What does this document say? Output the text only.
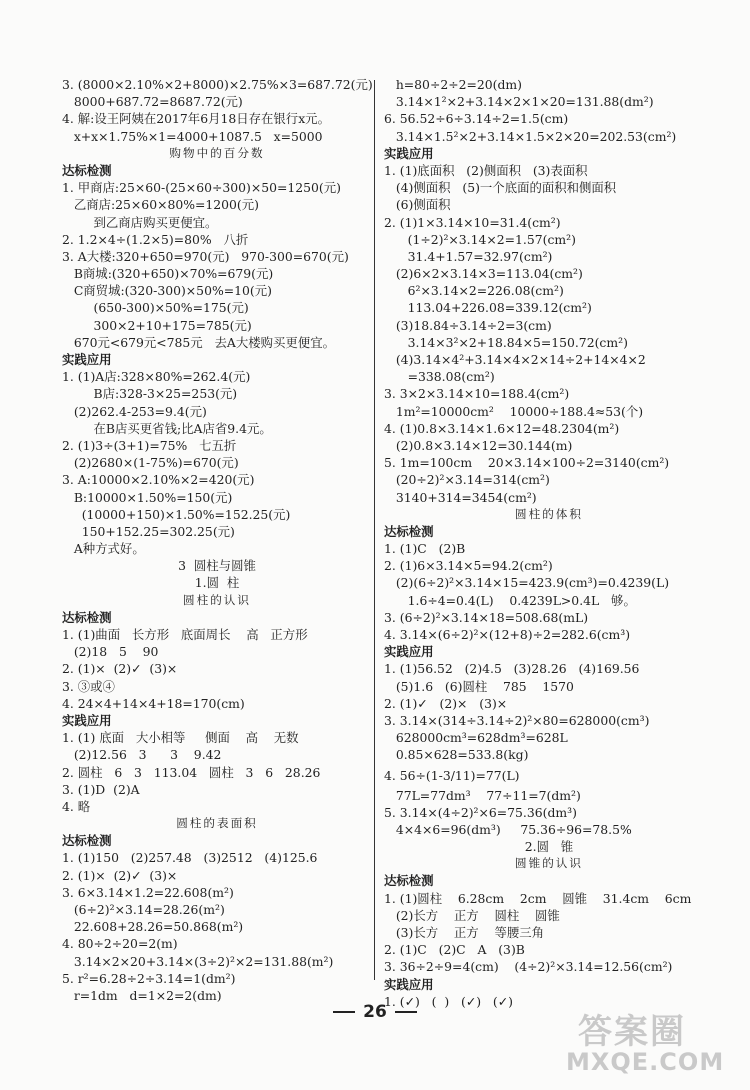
3. (8000×2.10%×2+8000)×2.75%×3=687.72(元)
8000+687.72=8687.72(元)
4. 解:设王阿姨在2017年6月18日存在银行x元。
x+x×1.75%×1=4000+1087.5   x=5000
购物中的百分数
达标检测
1. 甲商店:25×60-(25×60÷300)×50=1250(元)
乙商店:25×60×80%=1200(元)
到乙商店购买更便宜。
2. 1.2×4÷(1.2×5)=80%   八折
3. A大楼:320+650=970(元)   970-300=670(元)
B商城:(320+650)×70%=679(元)
C商贸城:(320-300)×50%=10(元)
(650-300)×50%=175(元)
300×2+10+175=785(元)
670元<679元<785元   去A大楼购买更便宜。
实践应用
1. (1)A店:328×80%=262.4(元)
B店:328-3×25=253(元)
(2)262.4-253=9.4(元)
在B店买更省钱;比A店省9.4元。
2. (1)3÷(3+1)=75%   七五折
(2)2680×(1-75%)=670(元)
3. A:10000×2.10%×2=420(元)
B:10000×1.50%=150(元)
(10000+150)×1.50%=152.25(元)
150+152.25=302.25(元)
A种方式好。
3  圆柱与圆锥
1.圆  柱
圆柱的认识
达标检测
1. (1)曲面   长方形   底面周长    高   正方形
(2)18   5    90
2. (1)×  (2)✓  (3)×
3. ③或④
4. 24×4+14×4+18=170(cm)
实践应用
1. (1) 底面   大小相等     侧面    高    无数
(2)12.56   3      3    9.42
2. 圆柱   6   3   113.04   圆柱   3   6   28.26
3. (1)D  (2)A
4. 略
圆柱的表面积
达标检测
1. (1)150   (2)257.48   (3)2512   (4)125.6
2. (1)×  (2)✓  (3)×
3. 6×3.14×1.2=22.608(m²)
(6÷2)²×3.14=28.26(m²)
22.608+28.26=50.868(m²)
4. 80÷2÷20=2(m)
3.14×2×20+3.14×(3÷2)²×2=131.88(m²)
5. r²=6.28÷2÷3.14=1(dm²)
r=1dm   d=1×2=2(dm)
h=80÷2÷2=20(dm)
3.14×1²×2+3.14×2×1×20=131.88(dm²)
6. 56.52÷6÷3.14÷2=1.5(cm)
3.14×1.5²×2+3.14×1.5×2×20=202.53(cm²)
实践应用
1. (1)底面积   (2)侧面积   (3)表面积
(4)侧面积   (5)一个底面的面积和侧面积
(6)侧面积
2. (1)1×3.14×10=31.4(cm²)
(1÷2)²×3.14×2=1.57(cm²)
31.4+1.57=32.97(cm²)
(2)6×2×3.14×3=113.04(cm²)
6²×3.14×2=226.08(cm²)
113.04+226.08=339.12(cm²)
(3)18.84÷3.14÷2=3(cm)
3.14×3²×2+18.84×5=150.72(cm²)
(4)3.14×4²+3.14×4×2×14÷2+14×4×2
=338.08(cm²)
3. 3×2×3.14×10=188.4(cm²)
1m²=10000cm²    10000÷188.4≈53(个)
4. (1)0.8×3.14×1.6×12=48.2304(m²)
(2)0.8×3.14×12=30.144(m)
5. 1m=100cm    20×3.14×100÷2=3140(cm²)
(20÷2)²×3.14=314(cm²)
3140+314=3454(cm²)
圆柱的体积
达标检测
1. (1)C   (2)B
2. (1)6×3.14×5=94.2(cm²)
(2)(6÷2)²×3.14×15=423.9(cm³)=0.4239(L)
1.6÷4=0.4(L)    0.4239L>0.4L   够。
3. (6÷2)²×3.14×18=508.68(mL)
4. 3.14×(6÷2)²×(12+8)÷2=282.6(cm³)
实践应用
1. (1)56.52   (2)4.5   (3)28.26   (4)169.56
(5)1.6   (6)圆柱    785    1570
2. (1)✓   (2)×   (3)×
3. 3.14×(314÷3.14÷2)²×80=628000(cm³)
628000cm³=628dm³=628L
0.85×628=533.8(kg)
4. 56÷(1-3/11)=77(L)
77L=77dm³    77÷11=7(dm²)
5. 3.14×(4÷2)²×6=75.36(dm³)
4×4×6=96(dm³)     75.36÷96=78.5%
2.圆   锥
圆锥的认识
达标检测
1. (1)圆柱    6.28cm    2cm    圆锥    31.4cm    6cm
(2)长方    正方    圆柱    圆锥
(3)长方    正方    等腰三角
2. (1)C   (2)C   A   (3)B
3. 36÷2÷9=4(cm)    (4÷2)²×3.14=12.56(cm²)
实践应用
1. (✓)   (  )   (✓)   (✓)
26	答案圈
MXQE.COM
